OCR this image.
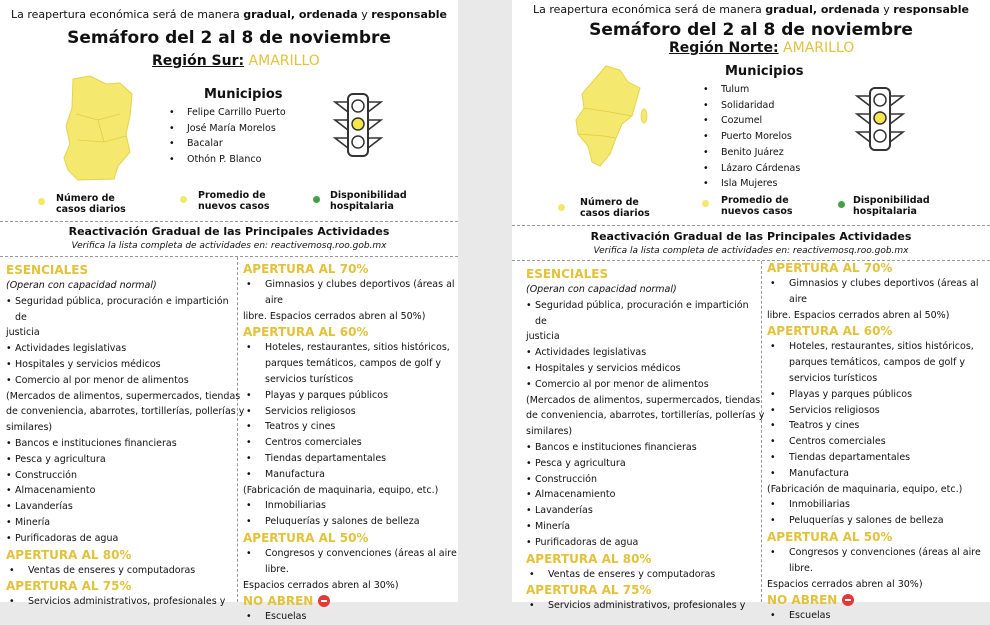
La reapertura económica será de manera gradual, ordenada y responsable
Semáforo del 2 al 8 de noviembre
Región Sur: AMARILLO
Municipios
• Felipe Carrillo Puerto
• José María Morelos
• Bacalar
• Othón P. Blanco
Número de
casos diarios
Promedio de
nuevos casos
Disponibilidad
hospitalaria
Reactivación Gradual de las Principales Actividades
Verifica la lista completa de actividades en: reactivemosq.roo.gob.mx
ESENCIALES
(Operan con capacidad normal)
• Seguridad pública, procuración e impartición de
justicia
• Actividades legislativas
• Hospitales y servicios médicos
• Comercio al por menor de alimentos
(Mercados de alimentos, supermercados, tiendas
de conveniencia, abarrotes, tortillerías, pollerías y
similares)
• Bancos e instituciones financieras
• Pesca y agricultura
• Construcción
• Almacenamiento
• Lavanderías
• Minería
• Purificadoras de agua
APERTURA AL 80%
• Ventas de enseres y computadoras
APERTURA AL 75%
• Servicios administrativos, profesionales y
APERTURA AL 70%
• Gimnasios y clubes deportivos (áreas al aire
libre. Espacios cerrados abren al 50%)
APERTURA AL 60%
• Hoteles, restaurantes, sitios históricos,
parques temáticos, campos de golf y
servicios turísticos
• Playas y parques públicos
• Servicios religiosos
• Teatros y cines
• Centros comerciales
• Tiendas departamentales
• Manufactura
(Fabricación de maquinaria, equipo, etc.)
• Inmobiliarias
• Peluquerías y salones de belleza
APERTURA AL 50%
• Congresos y convenciones (áreas al aire libre.
Espacios cerrados abren al 30%)
NO ABREN
• Escuelas
La reapertura económica será de manera gradual, ordenada y responsable
Semáforo del 2 al 8 de noviembre
Región Norte: AMARILLO
Municipios
• Tulum
• Solidaridad
• Cozumel
• Puerto Morelos
• Benito Juárez
• Lázaro Cárdenas
• Isla Mujeres
Número de
casos diarios
Promedio de
nuevos casos
Disponibilidad
hospitalaria
Reactivación Gradual de las Principales Actividades
Verifica la lista completa de actividades en: reactivemosq.roo.gob.mx
ESENCIALES
(Operan con capacidad normal)
• Seguridad pública, procuración e impartición de
justicia
• Actividades legislativas
• Hospitales y servicios médicos
• Comercio al por menor de alimentos
(Mercados de alimentos, supermercados, tiendas
de conveniencia, abarrotes, tortillerías, pollerías y
similares)
• Bancos e instituciones financieras
• Pesca y agricultura
• Construcción
• Almacenamiento
• Lavanderías
• Minería
• Purificadoras de agua
APERTURA AL 80%
• Ventas de enseres y computadoras
APERTURA AL 75%
• Servicios administrativos, profesionales y
APERTURA AL 70%
• Gimnasios y clubes deportivos (áreas al aire
libre. Espacios cerrados abren al 50%)
APERTURA AL 60%
• Hoteles, restaurantes, sitios históricos,
parques temáticos, campos de golf y
servicios turísticos
• Playas y parques públicos
• Servicios religiosos
• Teatros y cines
• Centros comerciales
• Tiendas departamentales
• Manufactura
(Fabricación de maquinaria, equipo, etc.)
• Inmobiliarias
• Peluquerías y salones de belleza
APERTURA AL 50%
• Congresos y convenciones (áreas al aire libre.
Espacios cerrados abren al 30%)
NO ABREN
• Escuelas
